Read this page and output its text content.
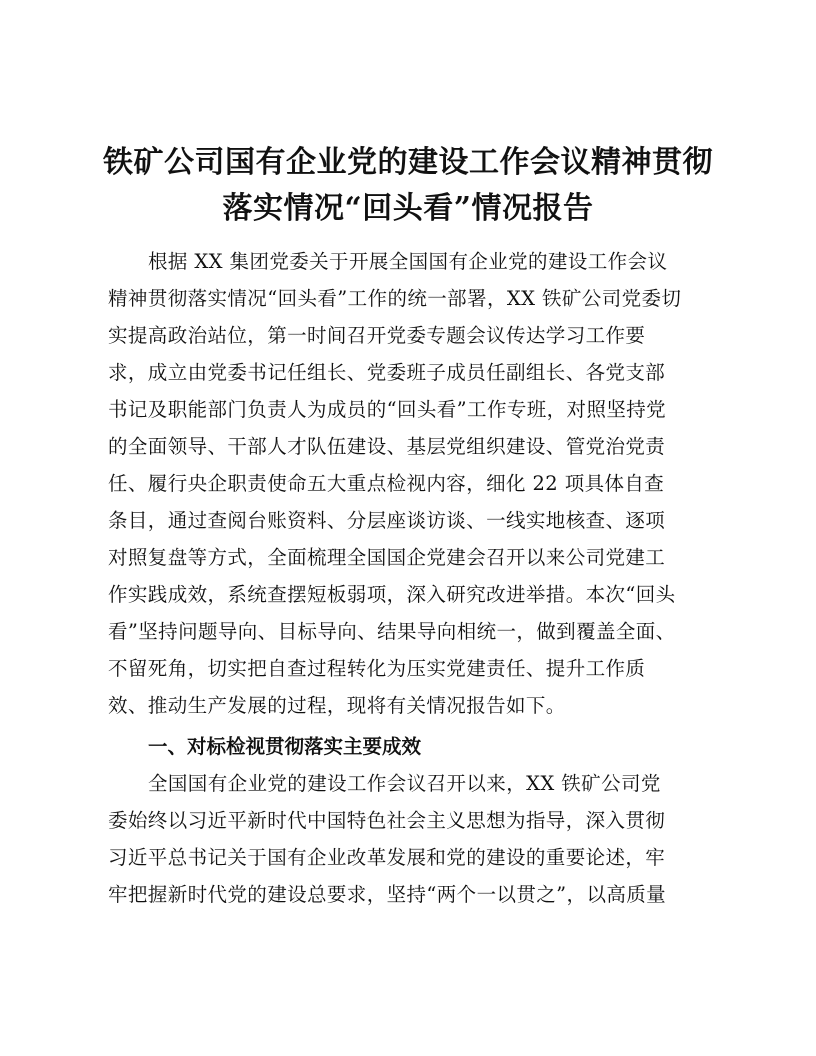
铁矿公司国有企业党的建设工作会议精神贯彻
落实情况“回头看”情况报告
根据 XX 集团党委关于开展全国国有企业党的建设工作会议
精神贯彻落实情况“回头看”工作的统一部署，XX 铁矿公司党委切
实提高政治站位，第一时间召开党委专题会议传达学习工作要
求，成立由党委书记任组长、党委班子成员任副组长、各党支部
书记及职能部门负责人为成员的“回头看”工作专班，对照坚持党
的全面领导、干部人才队伍建设、基层党组织建设、管党治党责
任、履行央企职责使命五大重点检视内容，细化 22 项具体自查
条目，通过查阅台账资料、分层座谈访谈、一线实地核查、逐项
对照复盘等方式，全面梳理全国国企党建会召开以来公司党建工
作实践成效，系统查摆短板弱项，深入研究改进举措。本次“回头
看”坚持问题导向、目标导向、结果导向相统一，做到覆盖全面、
不留死角，切实把自查过程转化为压实党建责任、提升工作质
效、推动生产发展的过程，现将有关情况报告如下。
一、对标检视贯彻落实主要成效
全国国有企业党的建设工作会议召开以来，XX 铁矿公司党
委始终以习近平新时代中国特色社会主义思想为指导，深入贯彻
习近平总书记关于国有企业改革发展和党的建设的重要论述，牢
牢把握新时代党的建设总要求，坚持“两个一以贯之”，以高质量
